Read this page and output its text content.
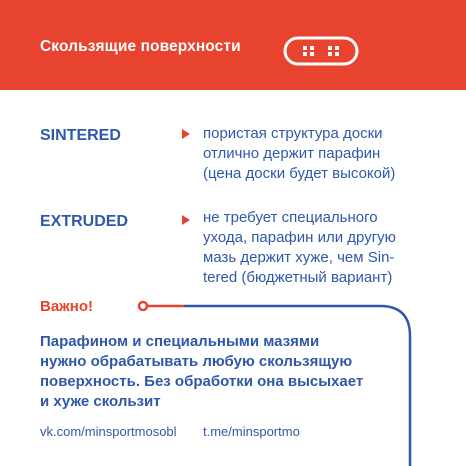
Скользящие поверхности
SINTERED	пористая структура доски
отлично держит парафин
(цена доски будет высокой)
EXTRUDED	не требует специального
ухода, парафин или другую
мазь держит хуже, чем Sin-
tered (бюджетный вариант)
Важно!
Парафином и специальными мазями
нужно обрабатывать любую скользящую
поверхность. Без обработки она высыхает
и хуже скользит
vk.com/minsportmosobl t.me/minsportmo
